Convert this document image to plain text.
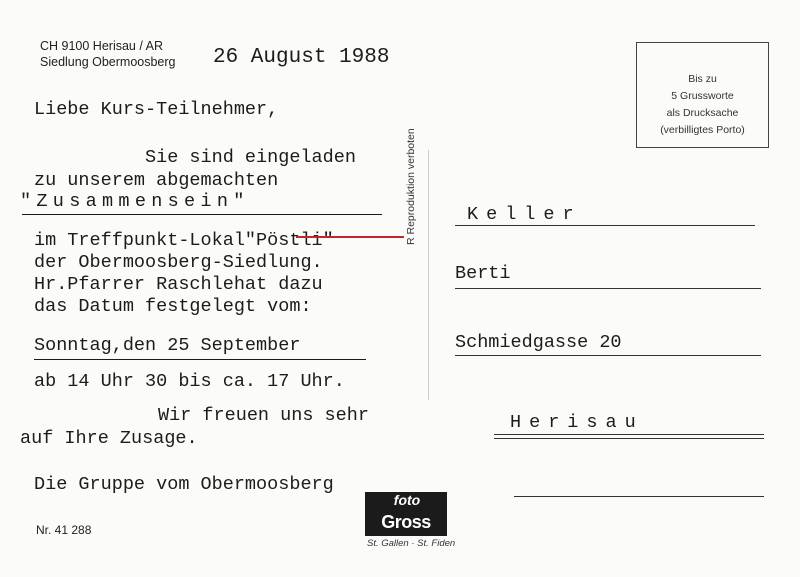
CH 9100 Herisau / AR
Siedlung Obermoosberg 26 August 1988
Bis zu
5 Grussworte
als Drucksache
(verbilligtes Porto)
Liebe Kurs-Teilnehmer,
Sie sind eingeladen
zu unserem abgemachten
"Zusammensein"
im Treffpunkt-Lokal"Pöstli"
der Obermoosberg-Siedlung.
Hr.Pfarrer Raschlehat dazu
das Datum festgelegt vom:
Sonntag,den 25 September
ab 14 Uhr 30 bis ca. 17 Uhr.
Wir freuen uns sehr
auf Ihre Zusage.
Die Gruppe vom Obermoosberg
R Reproduktion verboten	Keller
Berti
Schmiedgasse 20
Herisau
Nr. 41 288
foto
Gross
St. Gallen · St. Fiden
